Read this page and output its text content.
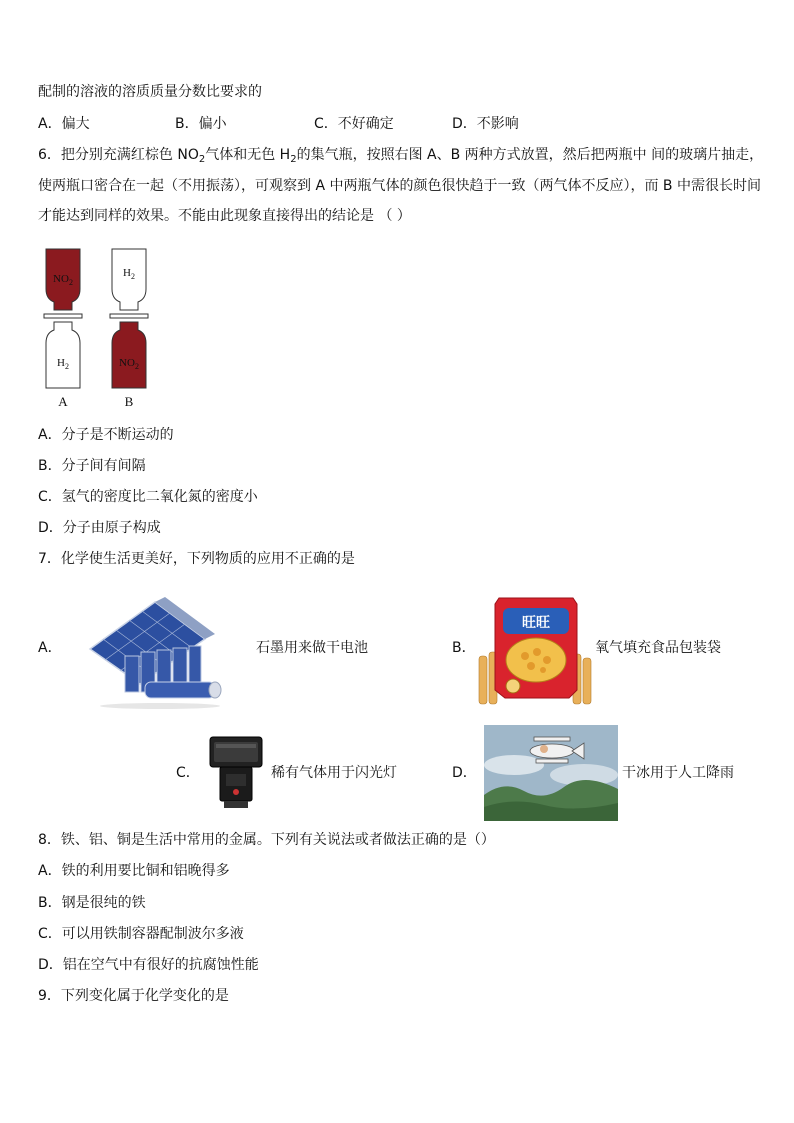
配制的溶液的溶质质量分数比要求的
A．偏大	B．偏小	C．不好确定	D．不影响
6．把分别充满红棕色 $NO_2$气体和无色 $H_2$的集气瓶，按照右图 A、B 两种方式放置，然后把两瓶中 间的玻璃片抽走，
使两瓶口密合在一起（不用振荡），可观察到 A 中两瓶气体的颜色很快趋于一致（两气体不反应），而 B 中需很长时间
才能达到同样的效果。不能由此现象直接得出的结论是 （ ）
$NO_2$
$H_2$
A
$H_2$
$NO_2$
B
A．分子是不断运动的
B．分子间有间隔
C．氢气的密度比二氧化氮的密度小
D．分子由原子构成
7．化学使生活更美好，下列物质的应用不正确的是
A．	石墨用来做干电池	B．
旺旺
氧气填充食品包装袋
C．	稀有气体用于闪光灯	D．	干冰用于人工降雨
8．铁、铝、铜是生活中常用的金属。下列有关说法或者做法正确的是（）
A．铁的利用要比铜和铝晚得多
B．钢是很纯的铁
C．可以用铁制容器配制波尔多液
D．铝在空气中有很好的抗腐蚀性能
9．下列变化属于化学变化的是
